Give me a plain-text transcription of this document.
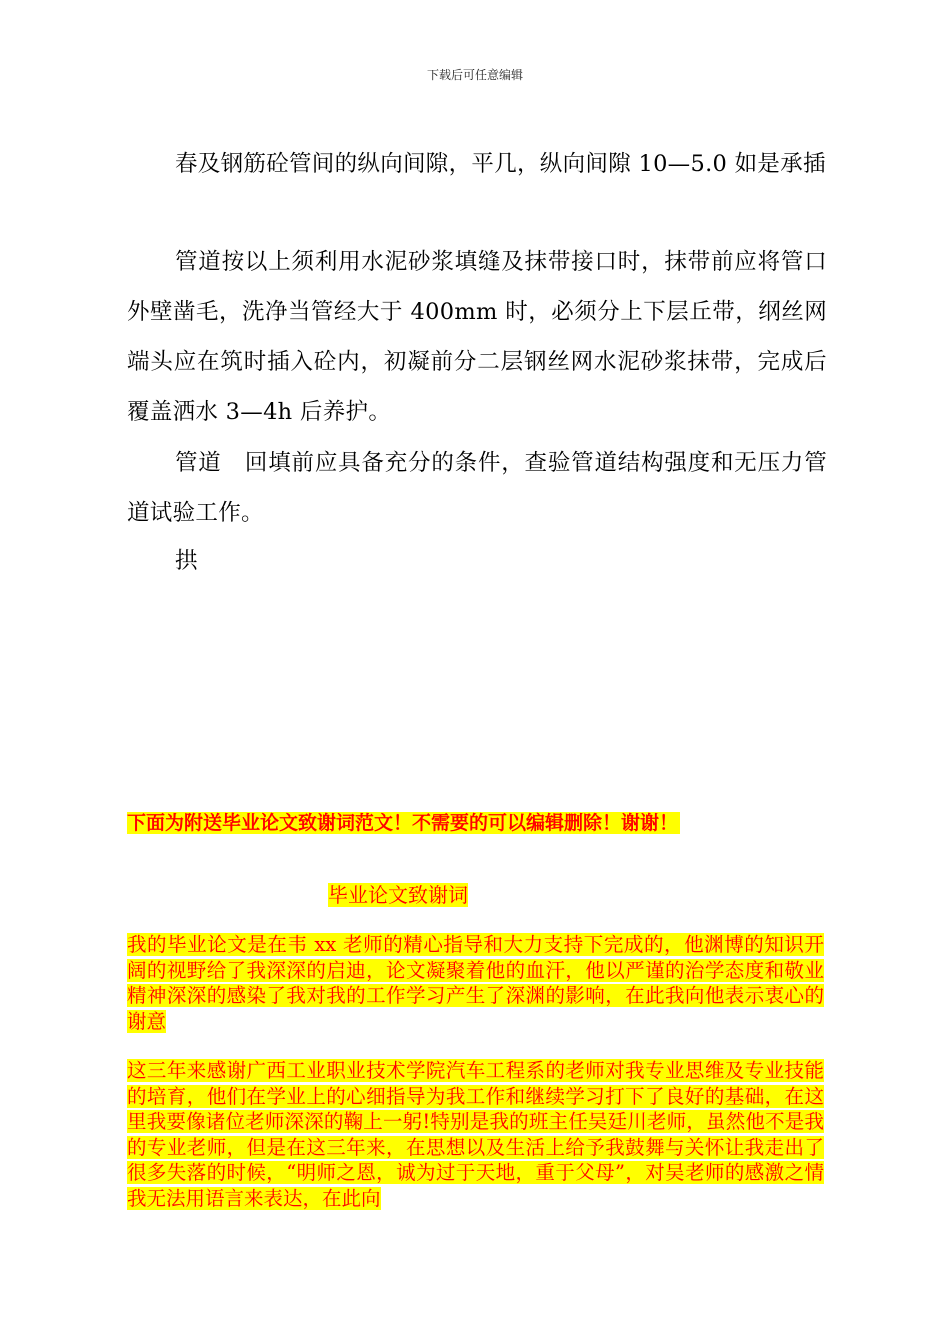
下载后可任意编辑

春及钢筋砼管间的纵向间隙，平几，纵向间隙 10—5.0 如是承插

管道按以上须利用水泥砂浆填缝及抹带接口时，抹带前应将管口外壁凿毛，洗净当管经大于 400mm 时，必须分上下层丘带，纲丝网端头应在筑时插入砼内，初凝前分二层钢丝网水泥砂浆抹带，完成后覆盖洒水 3—4h 后养护。

管道　回填前应具备充分的条件，查验管道结构强度和无压力管道试验工作。

拱

下面为附送毕业论文致谢词范文！不需要的可以编辑删除！谢谢！
毕业论文致谢词
我的毕业论文是在韦 xx 老师的精心指导和大力支持下完成的，他渊博的知识开阔的视野给了我深深的启迪，论文凝聚着他的血汗，他以严谨的治学态度和敬业精神深深的感染了我对我的工作学习产生了深渊的影响，在此我向他表示衷心的谢意
这三年来感谢广西工业职业技术学院汽车工程系的老师对我专业思维及专业技能的培育，他们在学业上的心细指导为我工作和继续学习打下了良好的基础，在这里我要像诸位老师深深的鞠上一躬!特别是我的班主任吴廷川老师，虽然他不是我的专业老师，但是在这三年来，在思想以及生活上给予我鼓舞与关怀让我走出了很多失落的时候，“明师之恩，诚为过于天地，重于父母”，对吴老师的感激之情我无法用语言来表达，在此向
